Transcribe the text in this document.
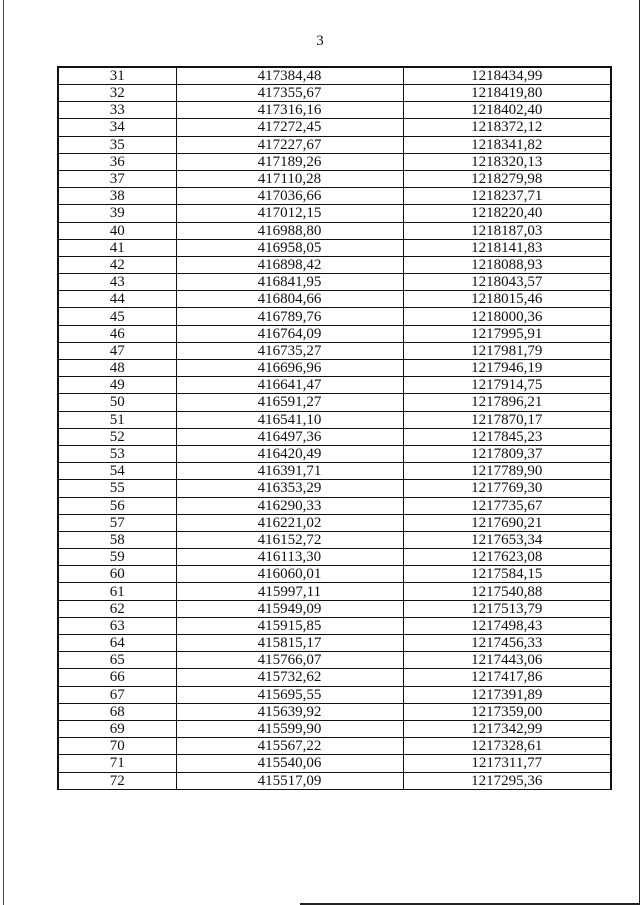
3
31	417384,48	1218434,99
32	417355,67	1218419,80
33	417316,16	1218402,40
34	417272,45	1218372,12
35	417227,67	1218341,82
36	417189,26	1218320,13
37	417110,28	1218279,98
38	417036,66	1218237,71
39	417012,15	1218220,40
40	416988,80	1218187,03
41	416958,05	1218141,83
42	416898,42	1218088,93
43	416841,95	1218043,57
44	416804,66	1218015,46
45	416789,76	1218000,36
46	416764,09	1217995,91
47	416735,27	1217981,79
48	416696,96	1217946,19
49	416641,47	1217914,75
50	416591,27	1217896,21
51	416541,10	1217870,17
52	416497,36	1217845,23
53	416420,49	1217809,37
54	416391,71	1217789,90
55	416353,29	1217769,30
56	416290,33	1217735,67
57	416221,02	1217690,21
58	416152,72	1217653,34
59	416113,30	1217623,08
60	416060,01	1217584,15
61	415997,11	1217540,88
62	415949,09	1217513,79
63	415915,85	1217498,43
64	415815,17	1217456,33
65	415766,07	1217443,06
66	415732,62	1217417,86
67	415695,55	1217391,89
68	415639,92	1217359,00
69	415599,90	1217342,99
70	415567,22	1217328,61
71	415540,06	1217311,77
72	415517,09	1217295,36
